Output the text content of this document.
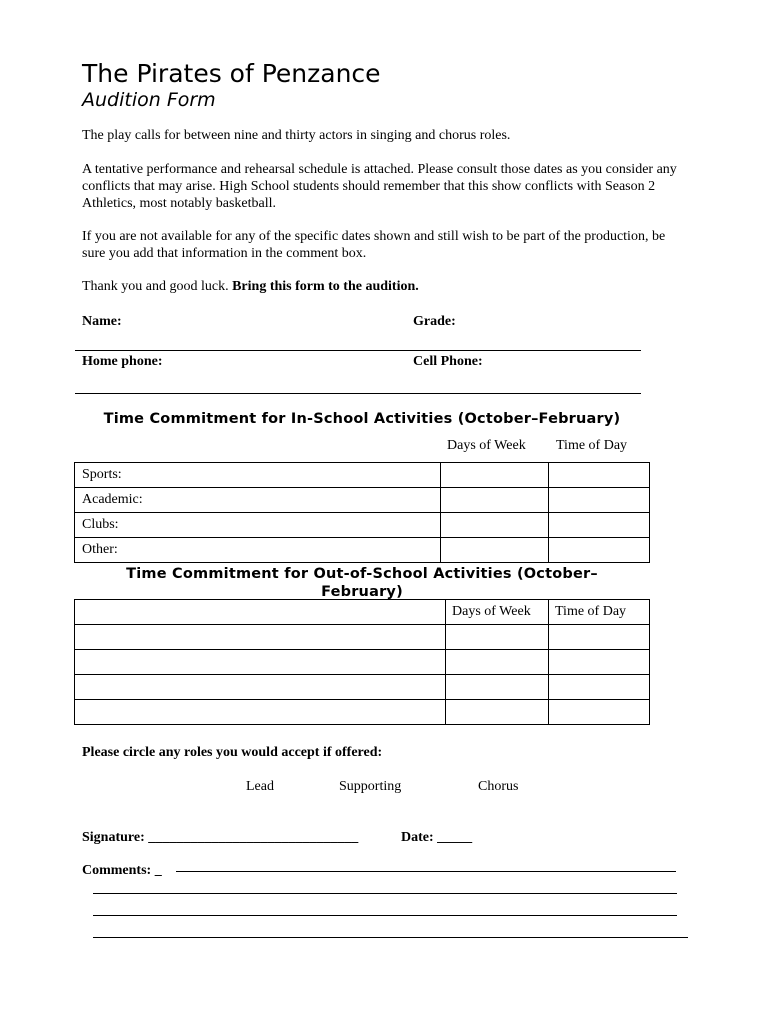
The Pirates of Penzance
Audition Form

The play calls for between nine and thirty actors in singing and chorus roles.

A tentative performance and rehearsal schedule is attached. Please consult those dates as you consider any conflicts that may arise. High School students should remember that this show conflicts with Season 2 Athletics, most notably basketball.

If you are not available for any of the specific dates shown and still wish to be part of the production, be sure you add that information in the comment box.

Thank you and good luck. Bring this form to the audition.

Name:	Grade:
Home phone:	Cell Phone:
Time Commitment for In-School Activities (October–February)
Days of Week Time of Day
Sports:		
Academic:		
Clubs:		
Other:		
Time Commitment for Out-of-School Activities (October–February)
	Days of Week	Time of Day

Please circle any roles you would accept if offered:
Lead	Supporting	Chorus
Signature: ______________________________	Date: _____
Comments: _
